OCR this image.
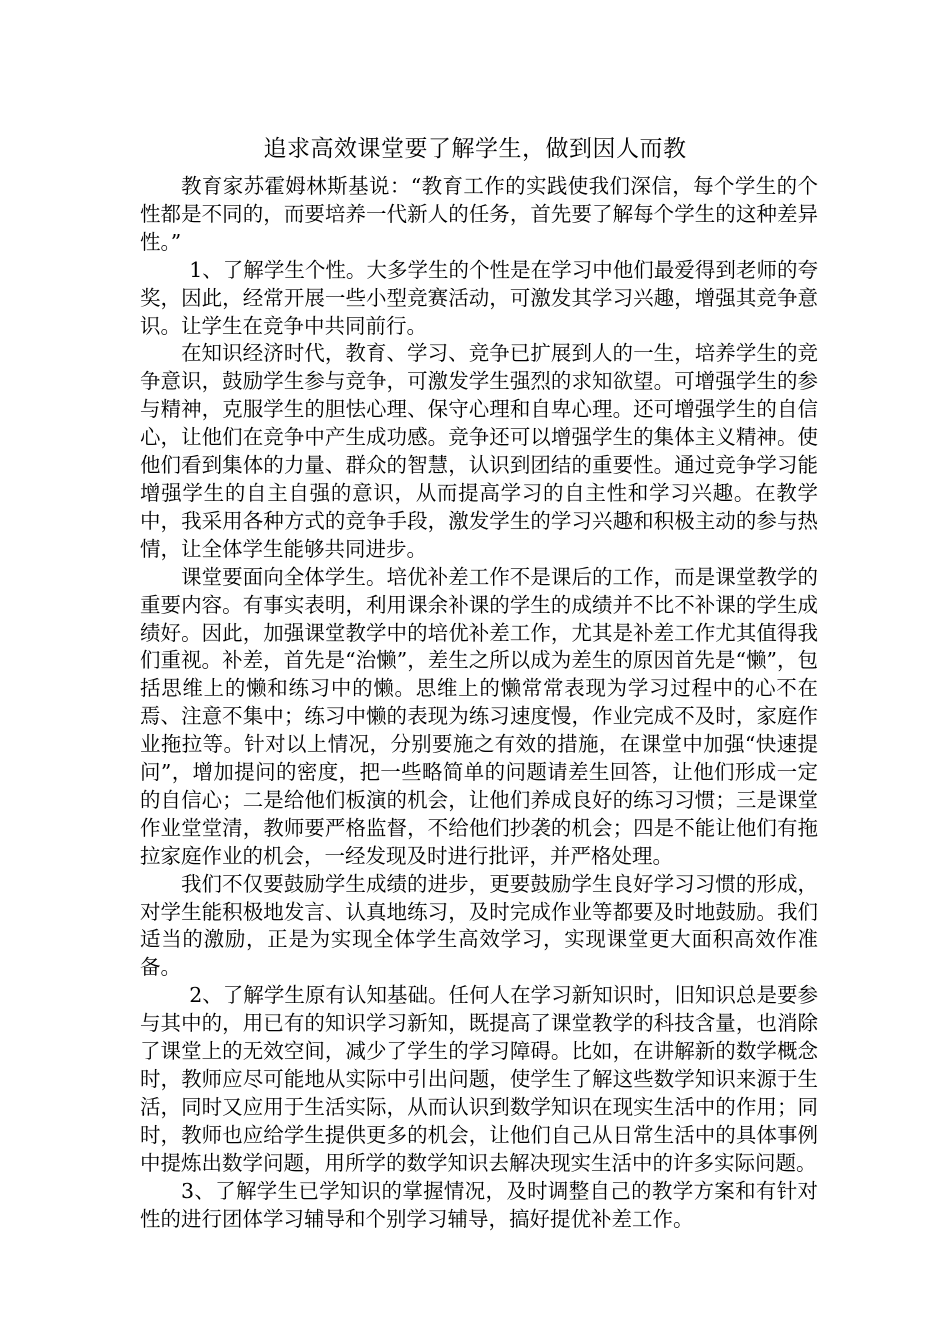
追求高效课堂要了解学生，做到因人而教

教育家苏霍姆林斯基说：“教育工作的实践使我们深信，每个学生的个性都是不同的，而要培养一代新人的任务，首先要了解每个学生的这种差异性。”

1、了解学生个性。大多学生的个性是在学习中他们最爱得到老师的夸奖，因此，经常开展一些小型竞赛活动，可激发其学习兴趣，增强其竞争意识。让学生在竞争中共同前行。

在知识经济时代，教育、学习、竞争已扩展到人的一生，培养学生的竞争意识，鼓励学生参与竞争，可激发学生强烈的求知欲望。可增强学生的参与精神，克服学生的胆怯心理、保守心理和自卑心理。还可增强学生的自信心，让他们在竞争中产生成功感。竞争还可以增强学生的集体主义精神。使他们看到集体的力量、群众的智慧，认识到团结的重要性。通过竞争学习能增强学生的自主自强的意识，从而提高学习的自主性和学习兴趣。在教学中，我采用各种方式的竞争手段，激发学生的学习兴趣和积极主动的参与热情，让全体学生能够共同进步。

课堂要面向全体学生。培优补差工作不是课后的工作，而是课堂教学的重要内容。有事实表明，利用课余补课的学生的成绩并不比不补课的学生成绩好。因此，加强课堂教学中的培优补差工作，尤其是补差工作尤其值得我们重视。补差，首先是“治懒”，差生之所以成为差生的原因首先是“懒”，包括思维上的懒和练习中的懒。思维上的懒常常表现为学习过程中的心不在焉、注意不集中；练习中懒的表现为练习速度慢，作业完成不及时，家庭作业拖拉等。针对以上情况，分别要施之有效的措施，在课堂中加强“快速提问”，增加提问的密度，把一些略简单的问题请差生回答，让他们形成一定的自信心；二是给他们板演的机会，让他们养成良好的练习习惯；三是课堂作业堂堂清，教师要严格监督，不给他们抄袭的机会；四是不能让他们有拖拉家庭作业的机会，一经发现及时进行批评，并严格处理。

我们不仅要鼓励学生成绩的进步，更要鼓励学生良好学习习惯的形成，对学生能积极地发言、认真地练习，及时完成作业等都要及时地鼓励。我们适当的激励，正是为实现全体学生高效学习，实现课堂更大面积高效作准备。

2、了解学生原有认知基础。任何人在学习新知识时，旧知识总是要参与其中的，用已有的知识学习新知，既提高了课堂教学的科技含量，也消除了课堂上的无效空间，减少了学生的学习障碍。比如，在讲解新的数学概念时，教师应尽可能地从实际中引出问题，使学生了解这些数学知识来源于生活，同时又应用于生活实际，从而认识到数学知识在现实生活中的作用；同时，教师也应给学生提供更多的机会，让他们自己从日常生活中的具体事例中提炼出数学问题，用所学的数学知识去解决现实生活中的许多实际问题。

3、了解学生已学知识的掌握情况，及时调整自己的教学方案和有针对性的进行团体学习辅导和个别学习辅导，搞好提优补差工作。
